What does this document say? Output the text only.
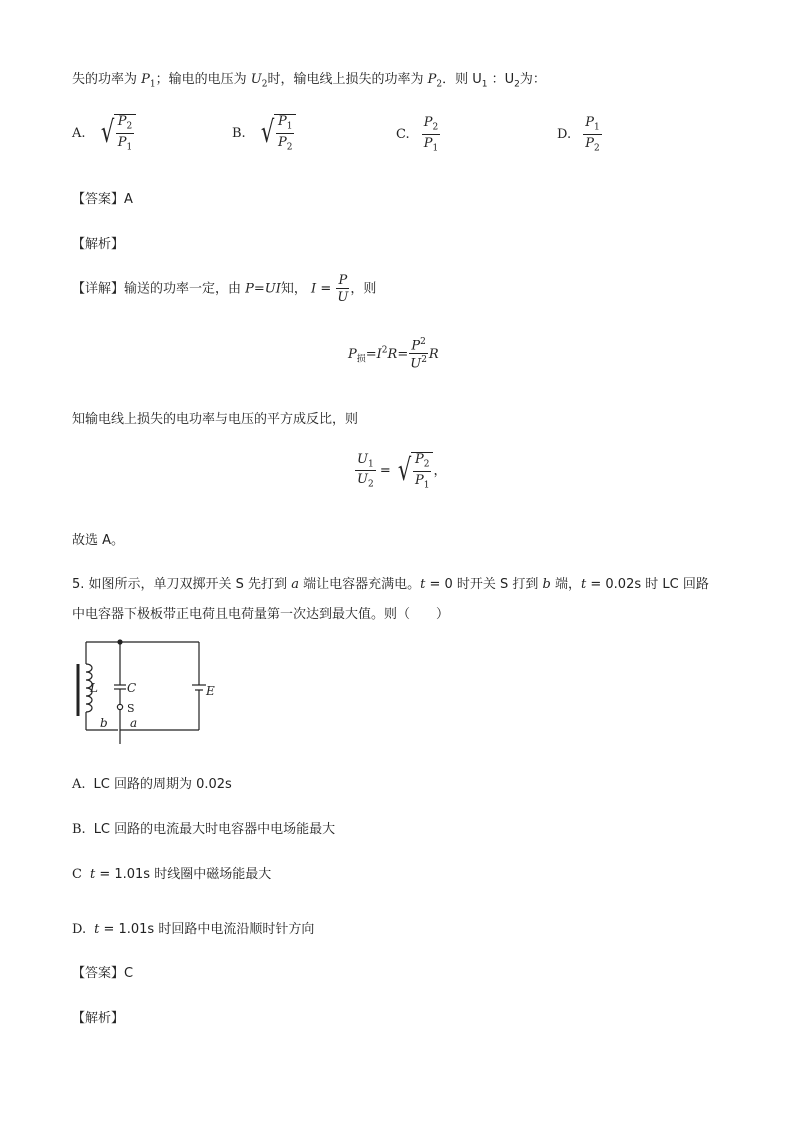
失的功率为 $P_1$；输电的电压为 $U_2$时，输电线上损失的功率为 $P_2$．则 $U_1$ ：$U_2$为：
A. √ $\frac{P_2}{P_1}$	B. √ $\frac{P_1}{P_2}$	C. $\frac{P_2}{P_1}$	D. $\frac{P_1}{P_2}$
【答案】A
【解析】
【详解】输送的功率一定，由 P=UI知， $I = \frac{P}{U}$ ，则
$P_损=I^2R= \frac{P^2}{U^2}$ R
知输电线上损失的电功率与电压的平方成反比，则
$\frac{U_1}{U_2}$ = √ $\frac{P_2}{P_1}$ ，
故选 A。
5. 如图所示，单刀双掷开关 S 先打到 a 端让电容器充满电。t = 0 时开关 S 打到 b 端，t = 0.02s 时 LC 回路
中电容器下极板带正电荷且电荷量第一次达到最大值。则（　　）
L C
S
E
b a
A. LC 回路的周期为 0.02s
B. LC 回路的电流最大时电容器中电场能最大
C t = 1.01s 时线圈中磁场能最大
D. t = 1.01s 时回路中电流沿顺时针方向
【答案】C
【解析】
